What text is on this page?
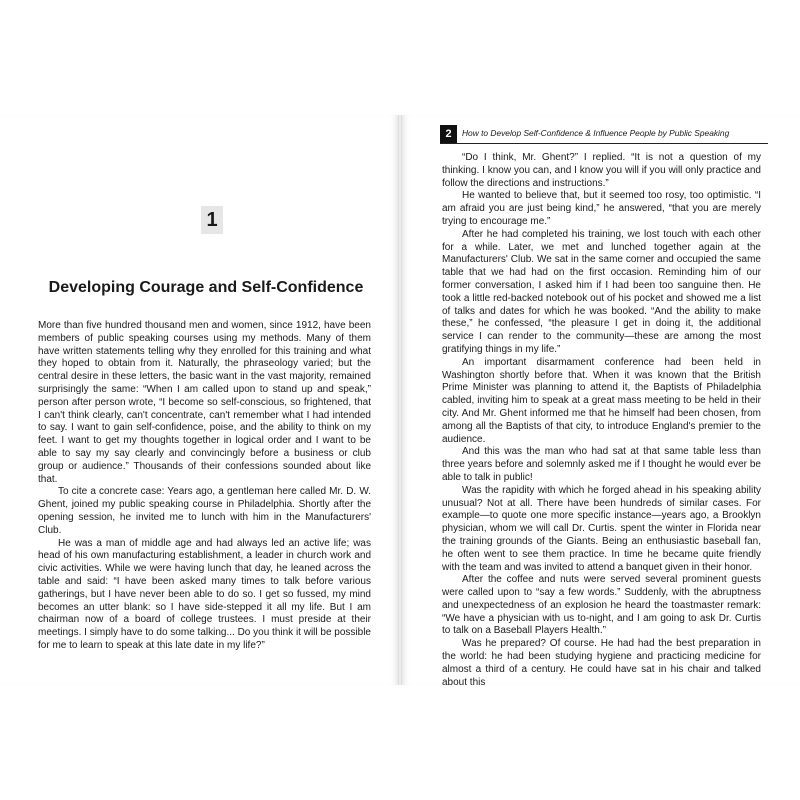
1
Developing Courage and Self-Confidence

More than five hundred thousand men and women, since 1912, have been members of public speaking courses using my methods. Many of them have written statements telling why they enrolled for this training and what they hoped to obtain from it. Naturally, the phraseology varied; but the central desire in these letters, the basic want in the vast majority, remained surprisingly the same: “When I am called upon to stand up and speak,” person after person wrote, “I become so self-conscious, so frightened, that I can't think clearly, can't concentrate, can't remember what I had intended to say. I want to gain self-confidence, poise, and the ability to think on my feet. I want to get my thoughts together in logical order and I want to be able to say my say clearly and convincingly before a business or club group or audience.” Thousands of their confessions sounded about like that.

To cite a concrete case: Years ago, a gentleman here called Mr. D. W. Ghent, joined my public speaking course in Philadelphia. Shortly after the opening session, he invited me to lunch with him in the Manufacturers' Club.

He was a man of middle age and had always led an active life; was head of his own manufacturing establishment, a leader in church work and civic activities. While we were having lunch that day, he leaned across the table and said: “I have been asked many times to talk before various gatherings, but I have never been able to do so. I get so fussed, my mind becomes an utter blank: so I have side-stepped it all my life. But I am chairman now of a board of college trustees. I must preside at their meetings. I simply have to do some talking... Do you think it will be possible for me to learn to speak at this late date in my life?”

2	How to Develop Self-Confidence & Influence People by Public Speaking

“Do I think, Mr. Ghent?” I replied. “It is not a question of my thinking. I know you can, and I know you will if you will only practice and follow the directions and instructions.”

He wanted to believe that, but it seemed too rosy, too optimistic. “I am afraid you are just being kind,” he answered, “that you are merely trying to encourage me.”

After he had completed his training, we lost touch with each other for a while. Later, we met and lunched together again at the Manufacturers' Club. We sat in the same corner and occupied the same table that we had had on the first occasion. Reminding him of our former conversation, I asked him if I had been too sanguine then. He took a little red-backed notebook out of his pocket and showed me a list of talks and dates for which he was booked. “And the ability to make these,” he confessed, “the pleasure I get in doing it, the additional service I can render to the community—these are among the most gratifying things in my life.”

An important disarmament conference had been held in Washington shortly before that. When it was known that the British Prime Minister was planning to attend it, the Baptists of Philadelphia cabled, inviting him to speak at a great mass meeting to be held in their city. And Mr. Ghent informed me that he himself had been chosen, from among all the Baptists of that city, to introduce England's premier to the audience.

And this was the man who had sat at that same table less than three years before and solemnly asked me if I thought he would ever be able to talk in public!

Was the rapidity with which he forged ahead in his speaking ability unusual? Not at all. There have been hundreds of similar cases. For example—to quote one more specific instance—years ago, a Brooklyn physician, whom we will call Dr. Curtis. spent the winter in Florida near the training grounds of the Giants. Being an enthusiastic baseball fan, he often went to see them practice. In time he became quite friendly with the team and was invited to attend a banquet given in their honor.

After the coffee and nuts were served several prominent guests were called upon to “say a few words.” Suddenly, with the abruptness and unexpectedness of an explosion he heard the toastmaster remark: “We have a physician with us to-night, and I am going to ask Dr. Curtis to talk on a Baseball Players Health.”

Was he prepared? Of course. He had had the best preparation in the world: he had been studying hygiene and practicing medicine for almost a third of a century. He could have sat in his chair and talked about this
